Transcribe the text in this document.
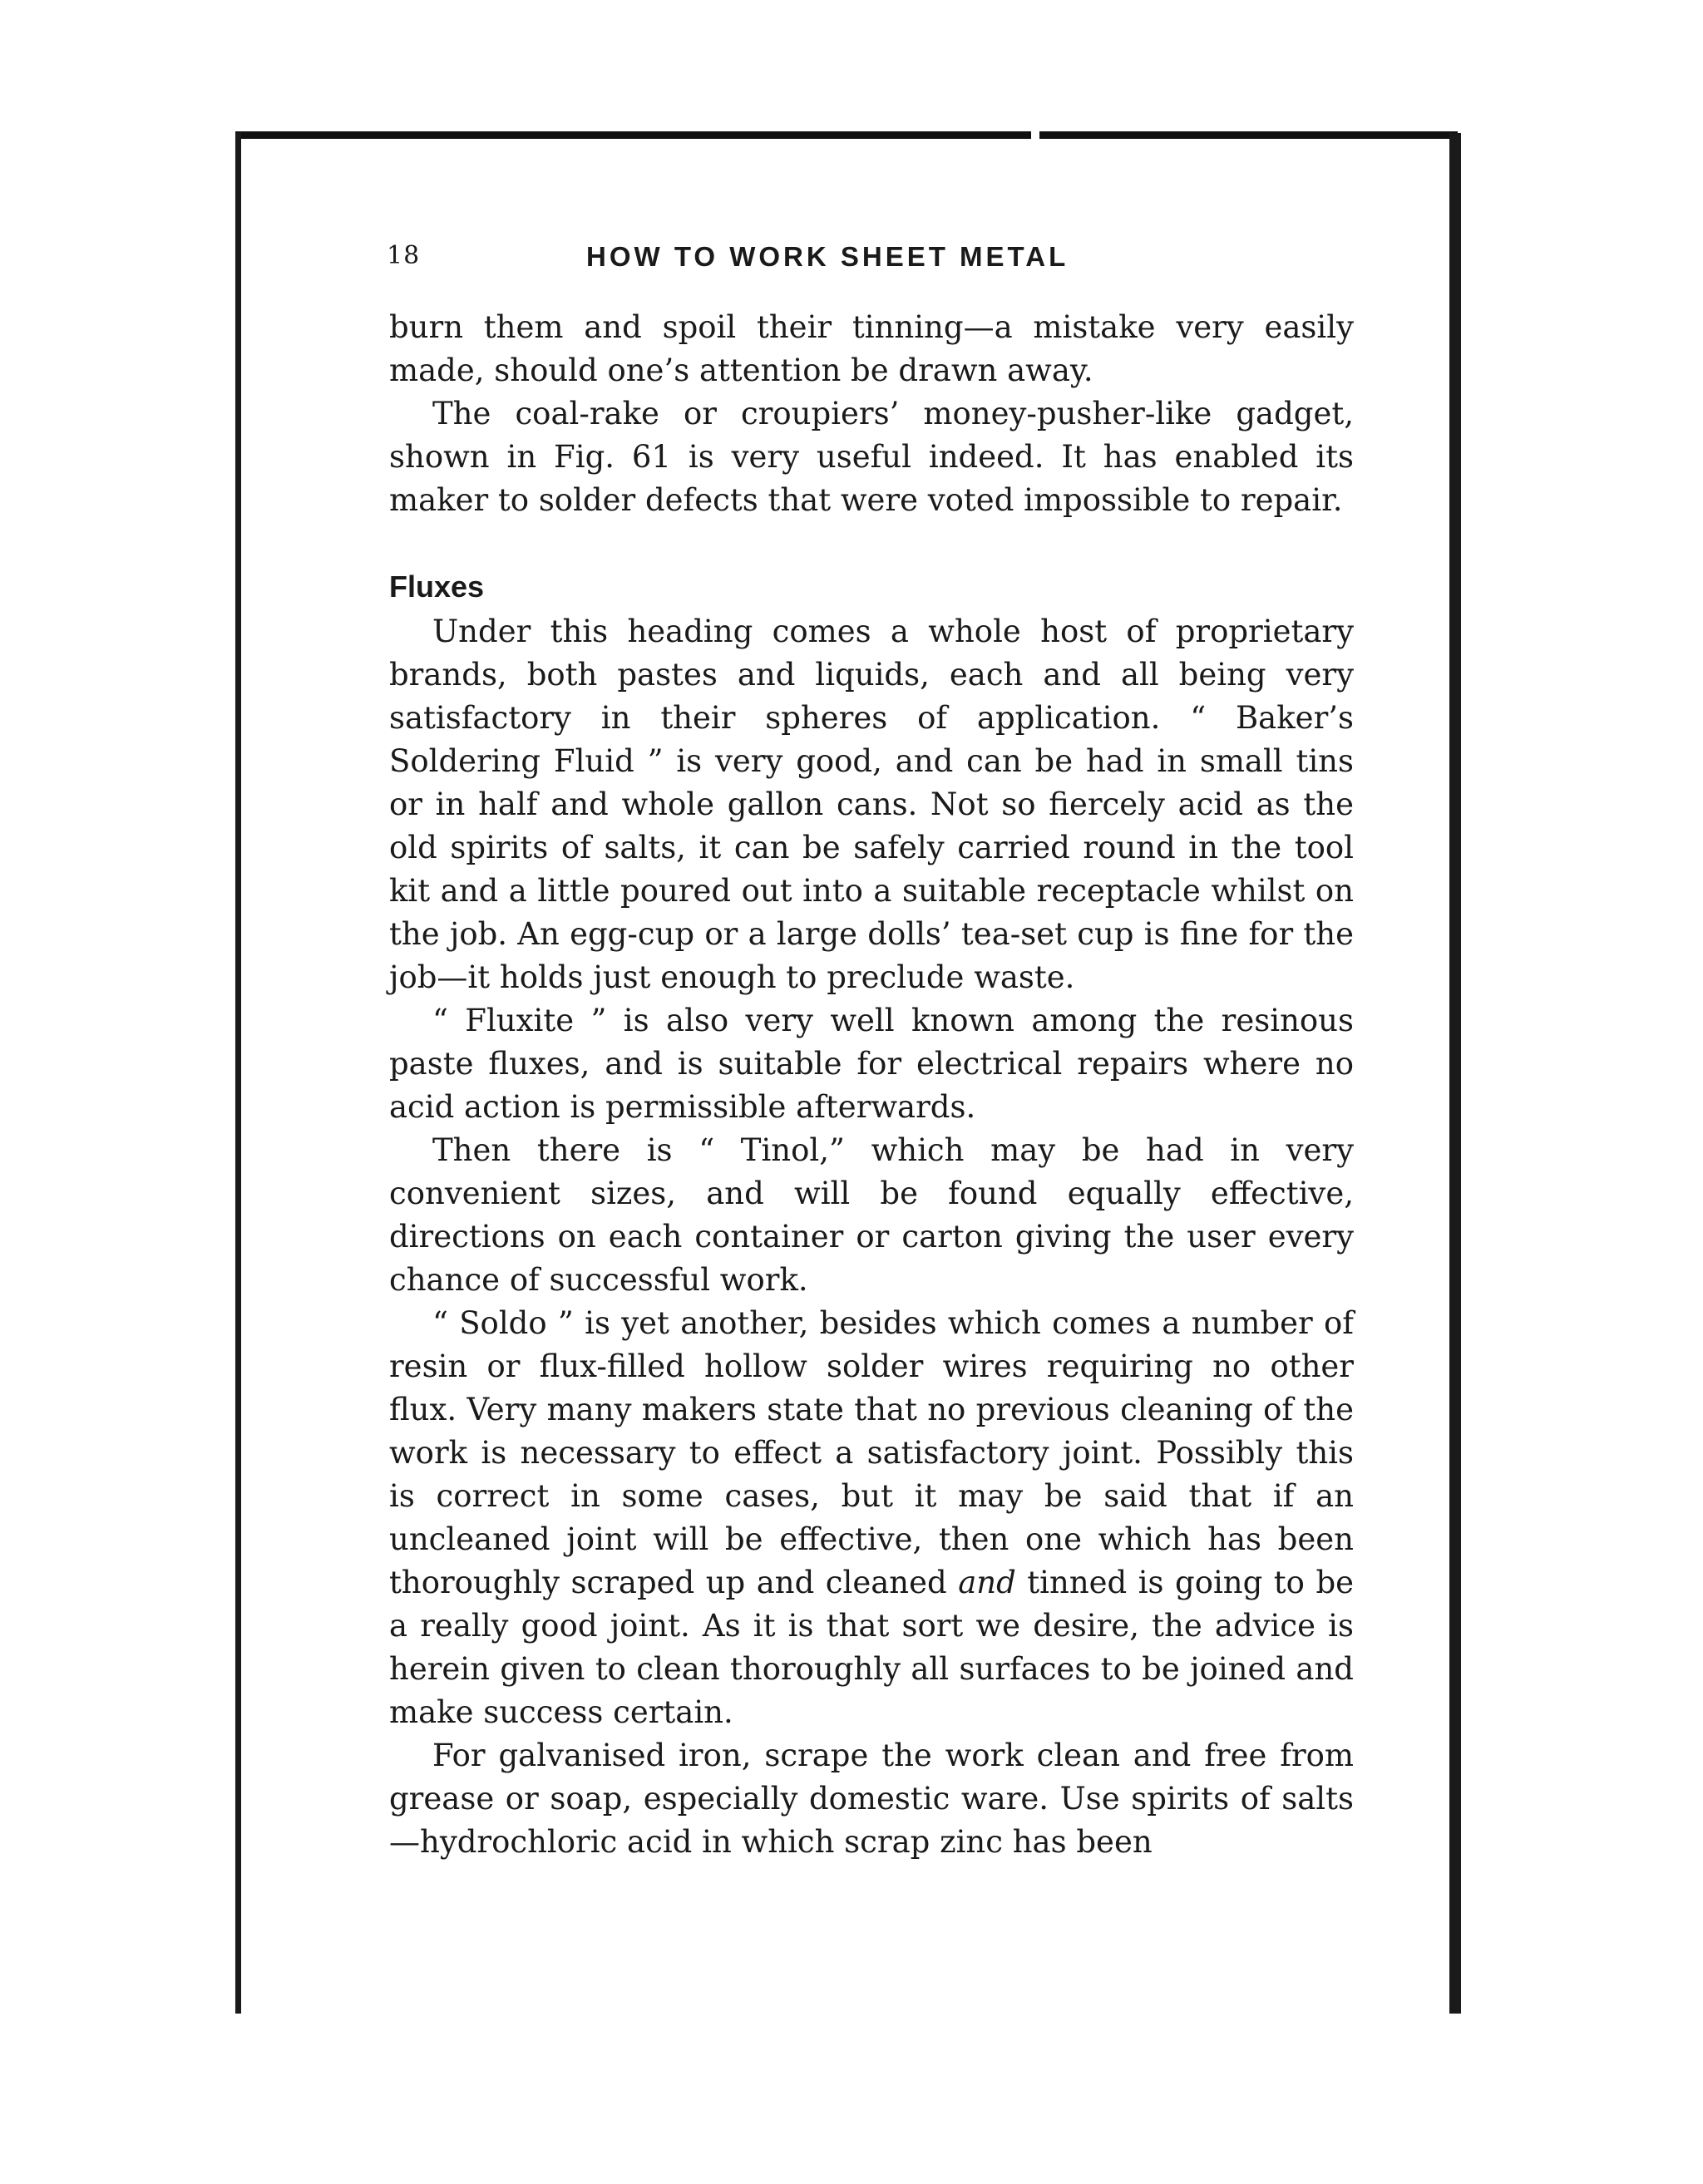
18	HOW TO WORK SHEET METAL

burn them and spoil their tinning—a mistake very easily made, should one’s attention be drawn away.

The coal-rake or croupiers’ money-pusher-like gadget, shown in Fig. 61 is very useful indeed. It has enabled its maker to solder defects that were voted impossible to repair.

Fluxes

Under this heading comes a whole host of proprietary brands, both pastes and liquids, each and all being very satisfactory in their spheres of application. “ Baker’s Soldering Fluid ” is very good, and can be had in small tins or in half and whole gallon cans. Not so fiercely acid as the old spirits of salts, it can be safely carried round in the tool kit and a little poured out into a suitable receptacle whilst on the job. An egg-cup or a large dolls’ tea-set cup is fine for the job—it holds just enough to preclude waste.

“ Fluxite ” is also very well known among the resinous paste fluxes, and is suitable for electrical repairs where no acid action is permissible afterwards.

Then there is “ Tinol,” which may be had in very convenient sizes, and will be found equally effective, directions on each container or carton giving the user every chance of successful work.

“ Soldo ” is yet another, besides which comes a number of resin or flux-filled hollow solder wires requiring no other flux. Very many makers state that no previous cleaning of the work is necessary to effect a satisfactory joint. Possibly this is correct in some cases, but it may be said that if an uncleaned joint will be effective, then one which has been thoroughly scraped up and cleaned and tinned is going to be a really good joint. As it is that sort we desire, the advice is herein given to clean thoroughly all surfaces to be joined and make success certain.

For galvanised iron, scrape the work clean and free from grease or soap, especially domestic ware. Use spirits of salts—hydrochloric acid in which scrap zinc has been
